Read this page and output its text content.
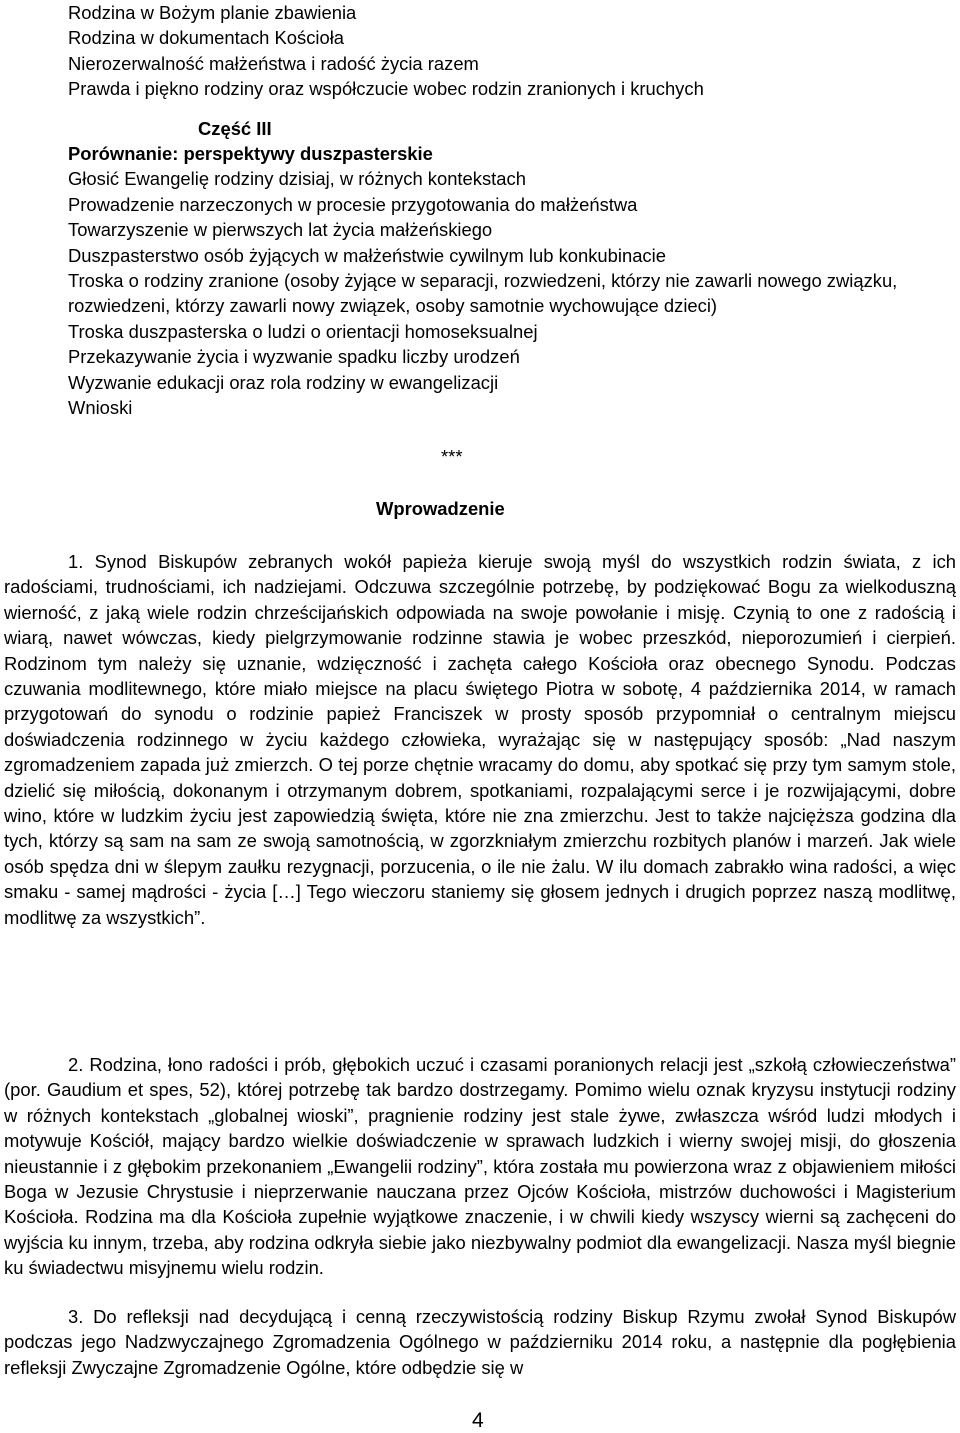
Rodzina w Bożym planie zbawienia
Rodzina w dokumentach Kościoła
Nierozerwalność małżeństwa i radość życia razem
Prawda i piękno rodziny oraz współczucie wobec rodzin zranionych i kruchych
Część III
Porównanie: perspektywy duszpasterskie
Głosić Ewangelię rodziny dzisiaj, w różnych kontekstach
Prowadzenie narzeczonych w procesie przygotowania do małżeństwa
Towarzyszenie w pierwszych lat życia małżeńskiego
Duszpasterstwo osób żyjących w małżeństwie cywilnym lub konkubinacie
Troska o rodziny zranione (osoby żyjące w separacji, rozwiedzeni, którzy nie zawarli nowego związku, rozwiedzeni, którzy zawarli nowy związek, osoby samotnie wychowujące dzieci)
Troska duszpasterska o ludzi o orientacji homoseksualnej
Przekazywanie życia i wyzwanie spadku liczby urodzeń
Wyzwanie edukacji oraz rola rodziny w ewangelizacji
Wnioski
***
Wprowadzenie

1. Synod Biskupów zebranych wokół papieża kieruje swoją myśl do wszystkich rodzin świata, z ich radościami, trudnościami, ich nadziejami. Odczuwa szczególnie potrzebę, by podziękować Bogu za wielkoduszną wierność, z jaką wiele rodzin chrześcijańskich odpowiada na swoje powołanie i misję. Czynią to one z radością i wiarą, nawet wówczas, kiedy pielgrzymowanie rodzinne stawia je wobec przeszkód, nieporozumień i cierpień. Rodzinom tym należy się uznanie, wdzięczność i zachęta całego Kościoła oraz obecnego Synodu. Podczas czuwania modlitewnego, które miało miejsce na placu świętego Piotra w sobotę, 4 października 2014, w ramach przygotowań do synodu o rodzinie papież Franciszek w prosty sposób przypomniał o centralnym miejscu doświadczenia rodzinnego w życiu każdego człowieka, wyrażając się w następujący sposób: „Nad naszym zgromadzeniem zapada już zmierzch. O tej porze chętnie wracamy do domu, aby spotkać się przy tym samym stole, dzielić się miłością, dokonanym i otrzymanym dobrem, spotkaniami, rozpalającymi serce i je rozwijającymi, dobre wino, które w ludzkim życiu jest zapowiedzią święta, które nie zna zmierzchu. Jest to także najcięższa godzina dla tych, którzy są sam na sam ze swoją samotnością, w zgorzkniałym zmierzchu rozbitych planów i marzeń. Jak wiele osób spędza dni w ślepym zaułku rezygnacji, porzucenia, o ile nie żalu. W ilu domach zabrakło wina radości, a więc smaku - samej mądrości - życia […] Tego wieczoru staniemy się głosem jednych i drugich poprzez naszą modlitwę, modlitwę za wszystkich”.

2. Rodzina, łono radości i prób, głębokich uczuć i czasami poranionych relacji jest „szkołą człowieczeństwa” (por. Gaudium et spes, 52), której potrzebę tak bardzo dostrzegamy. Pomimo wielu oznak kryzysu instytucji rodziny w różnych kontekstach „globalnej wioski”, pragnienie rodziny jest stale żywe, zwłaszcza wśród ludzi młodych i motywuje Kościół, mający bardzo wielkie doświadczenie w sprawach ludzkich i wierny swojej misji, do głoszenia nieustannie i z głębokim przekonaniem „Ewangelii rodziny”, która została mu powierzona wraz z objawieniem miłości Boga w Jezusie Chrystusie i nieprzerwanie nauczana przez Ojców Kościoła, mistrzów duchowości i Magisterium Kościoła. Rodzina ma dla Kościoła zupełnie wyjątkowe znaczenie, i w chwili kiedy wszyscy wierni są zachęceni do wyjścia ku innym, trzeba, aby rodzina odkryła siebie jako niezbywalny podmiot dla ewangelizacji. Nasza myśl biegnie ku świadectwu misyjnemu wielu rodzin.

3. Do refleksji nad decydującą i cenną rzeczywistością rodziny Biskup Rzymu zwołał Synod Biskupów podczas jego Nadzwyczajnego Zgromadzenia Ogólnego w październiku 2014 roku, a następnie dla pogłębienia refleksji Zwyczajne Zgromadzenie Ogólne, które odbędzie się w

4
